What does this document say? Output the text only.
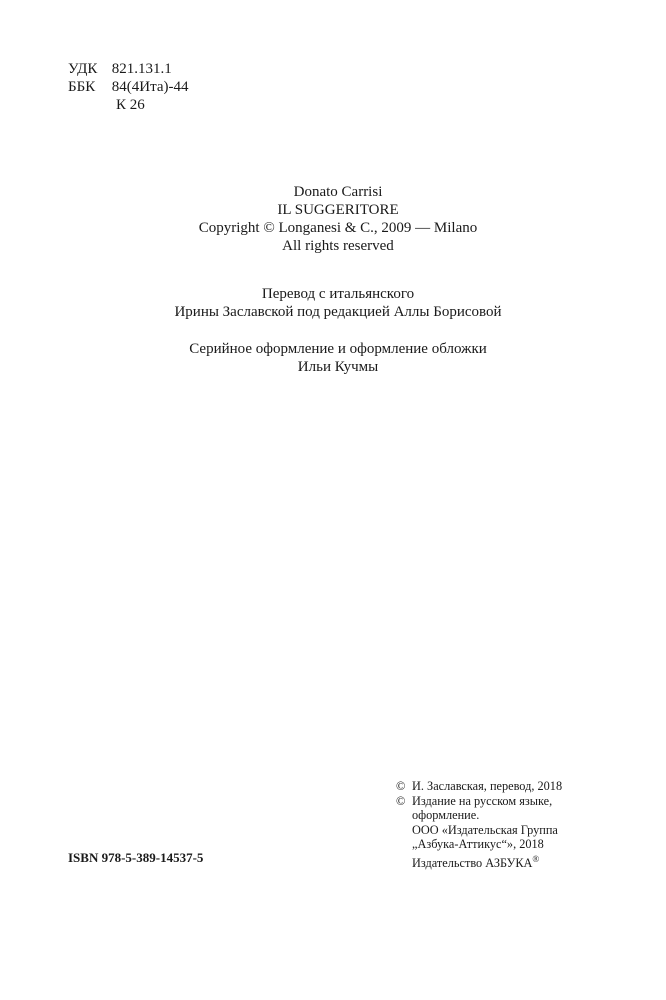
УДК 821.131.1
ББК 84(4Ита)-44
К 26
Donato Carrisi
IL SUGGERITORE
Copyright © Longanesi & C., 2009 — Milano
All rights reserved
Перевод с итальянского
Ирины Заславской под редакцией Аллы Борисовой
Серийное оформление и оформление обложки
Ильи Кучмы
© И. Заславская, перевод, 2018
© Издание на русском языке,
оформление.
ООО «Издательская Группа
„Азбука-Аттикус“», 2018
Издательство АЗБУКА®
ISBN 978-5-389-14537-5
